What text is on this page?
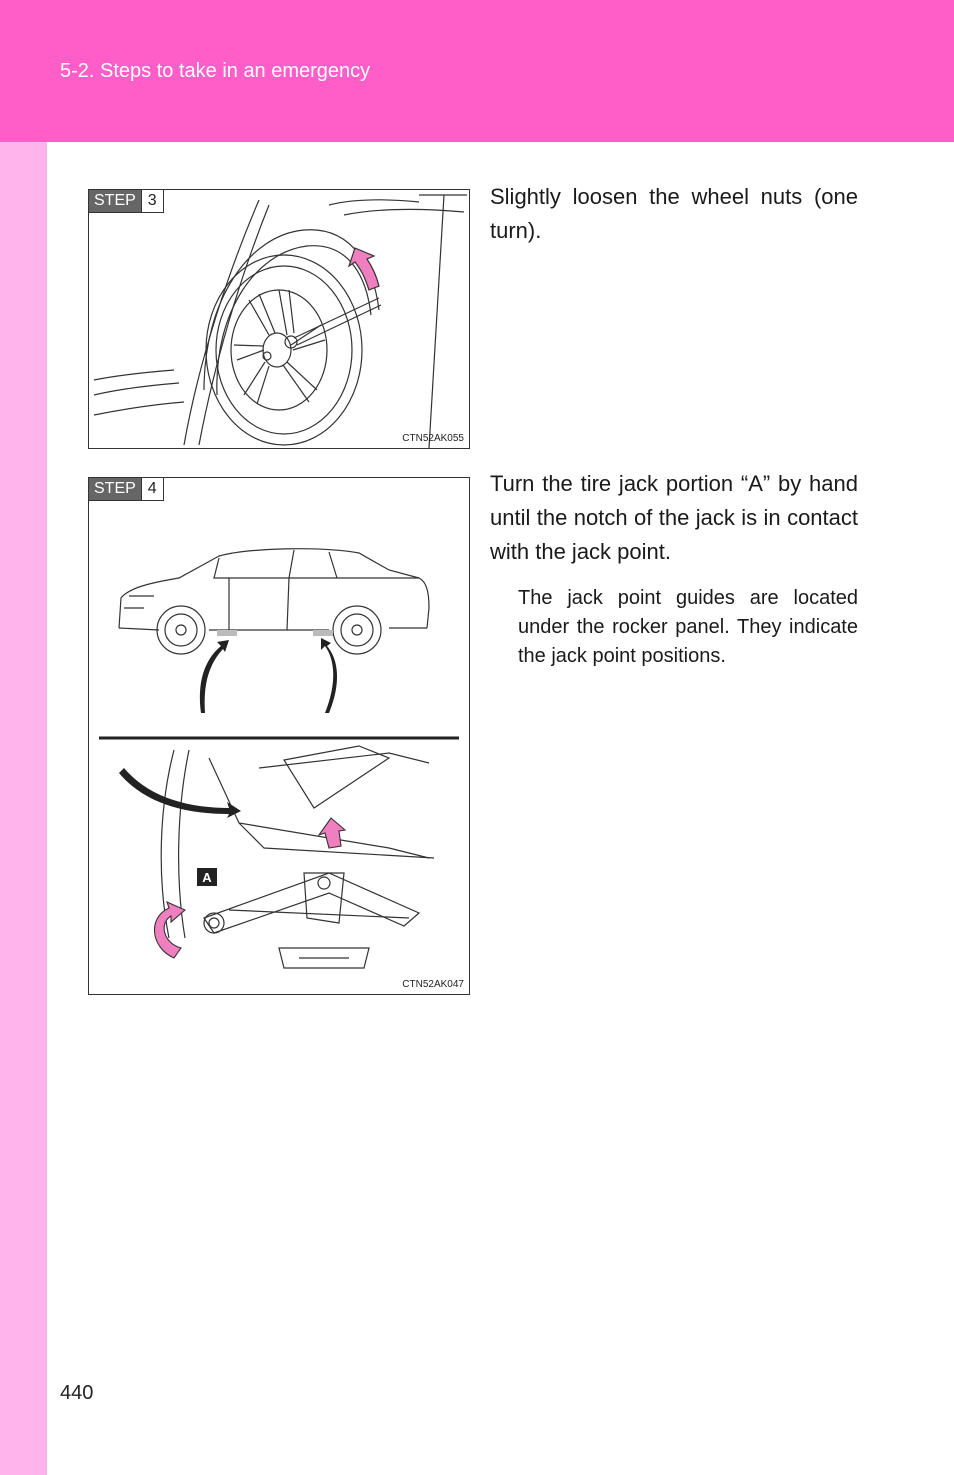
5-2. Steps to take in an emergency
STEP 3
CTN52AK055
Slightly loosen the wheel nuts (one turn).
A
STEP 4
CTN52AK047
Turn the tire jack portion “A” by hand until the notch of the jack is in contact with the jack point.
The jack point guides are located under the rocker panel. They indicate the jack point positions.
440
